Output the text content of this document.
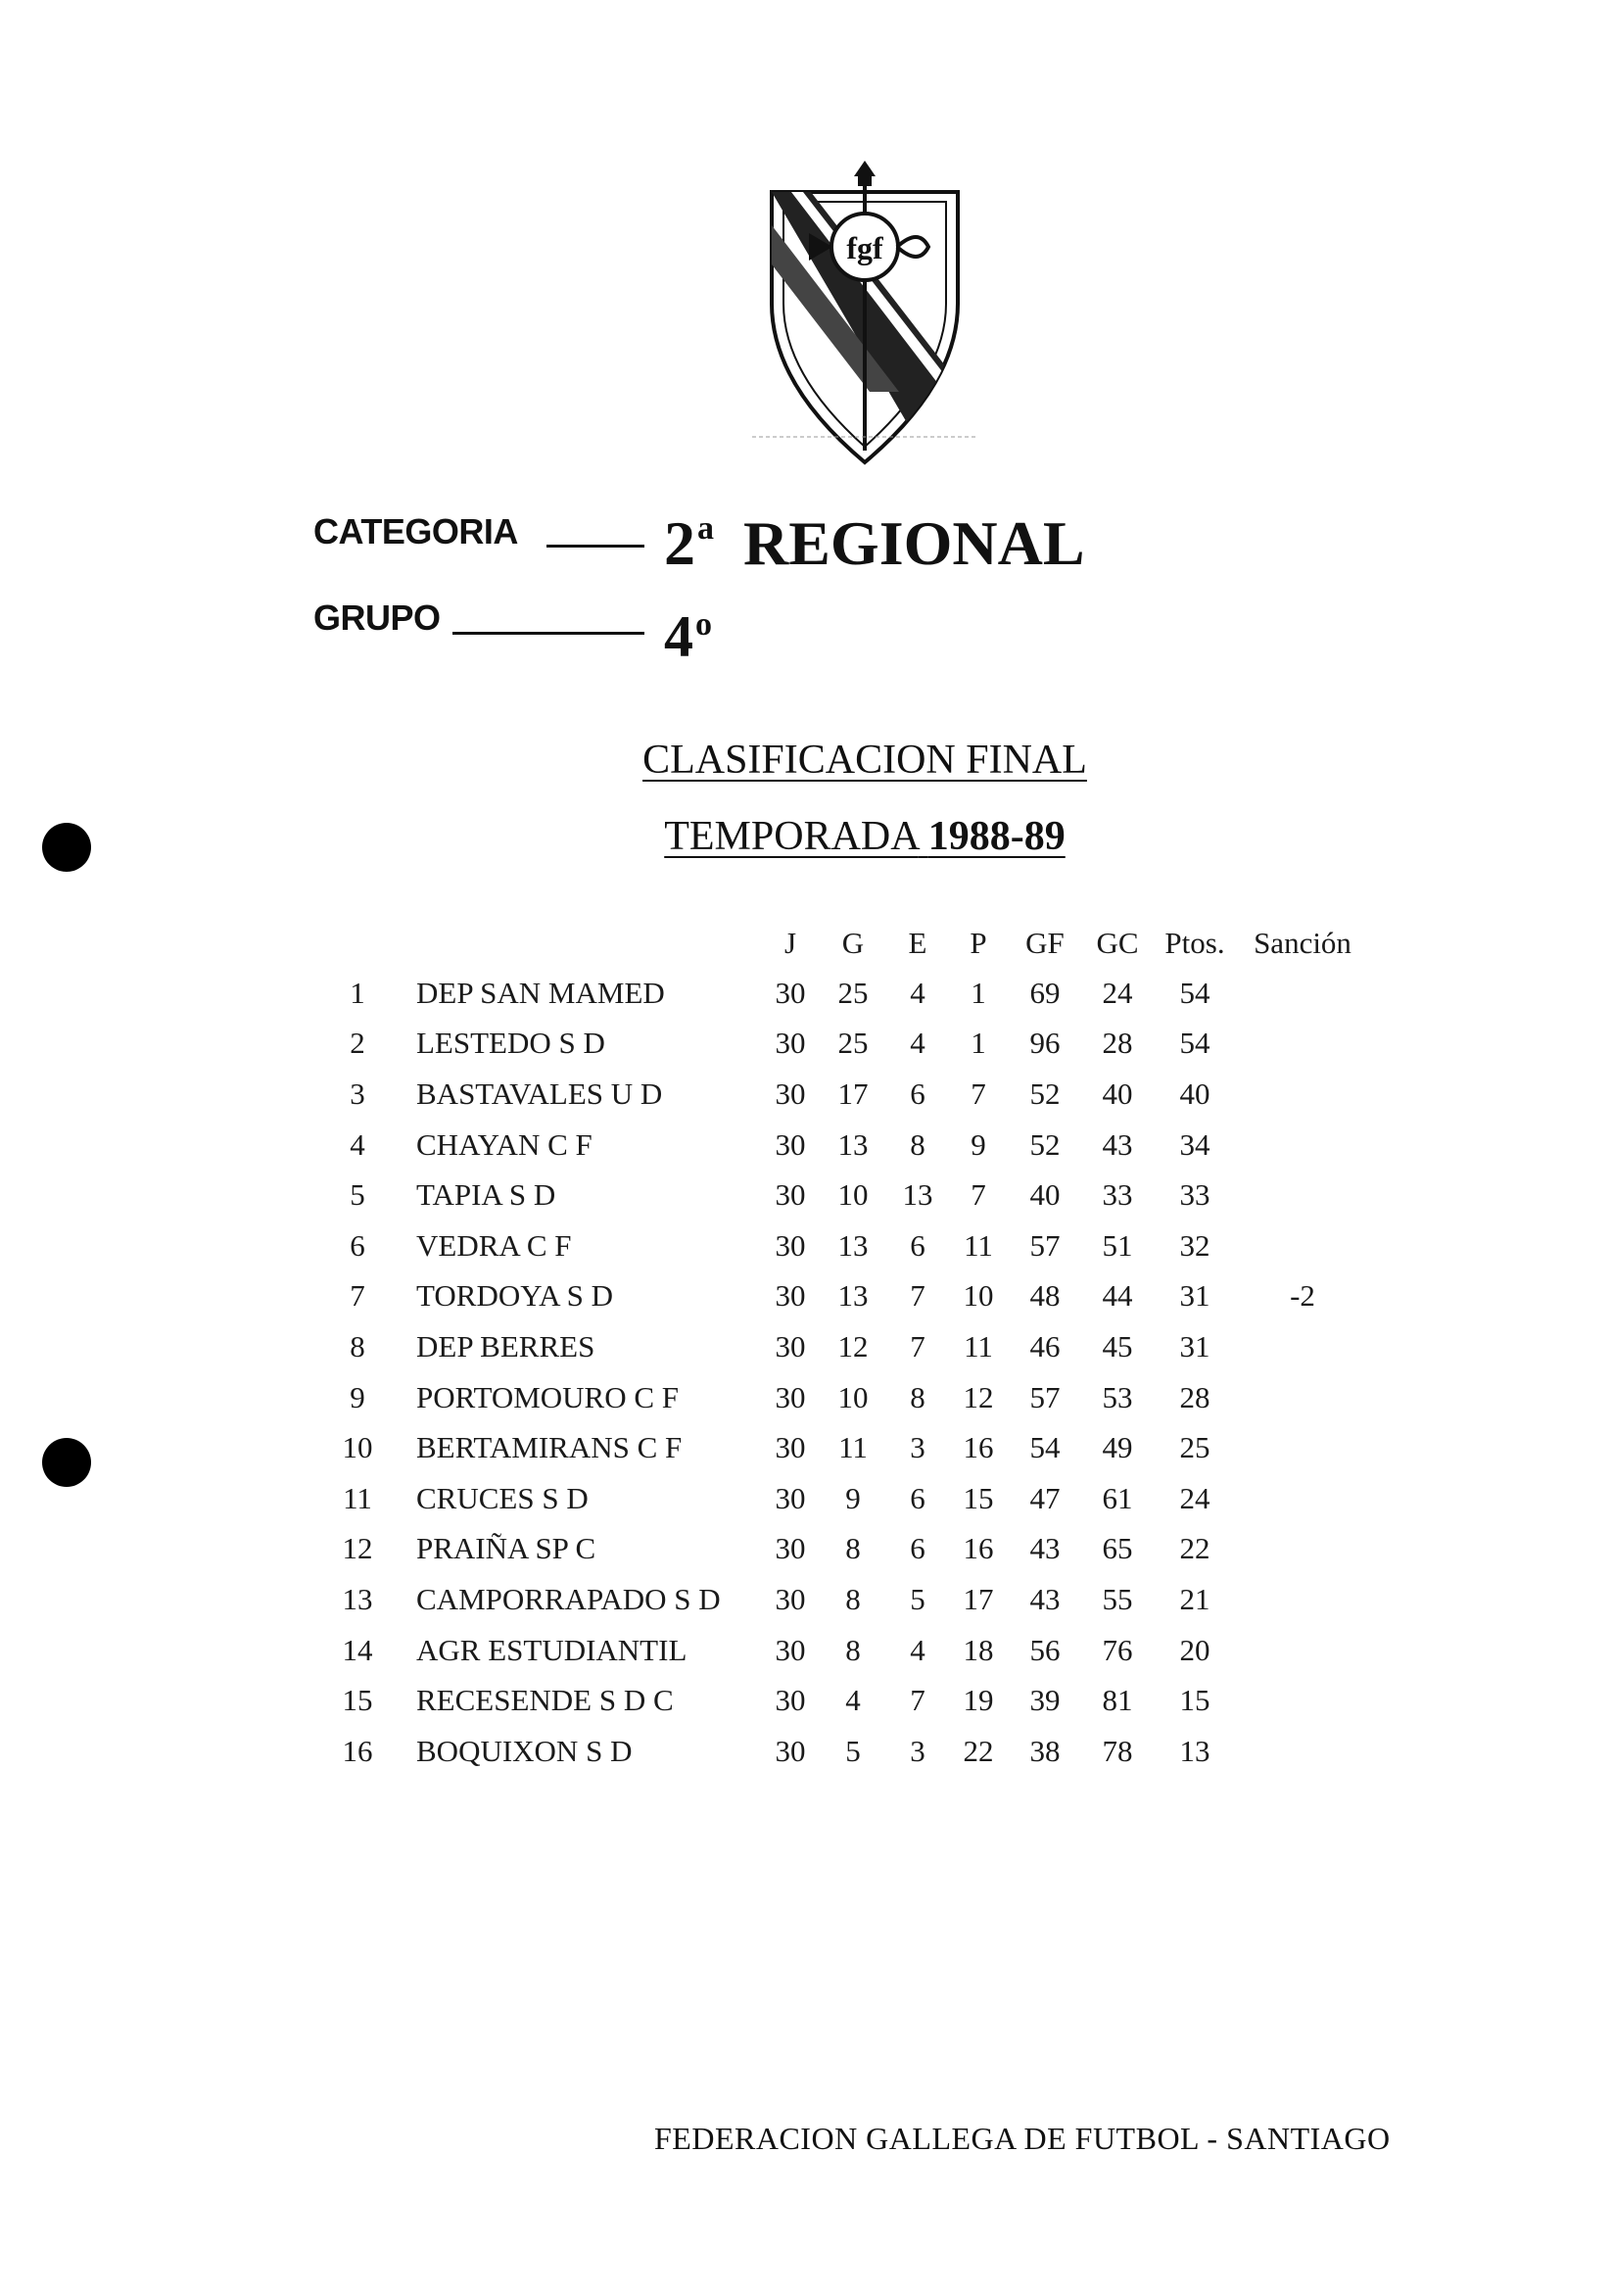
fgf
CATEGORIA 2$^a$ REGIONAL
GRUPO	4$^o$
CLASIFICACION FINAL
TEMPORADA 1988-89
		J	G	E	P	GF	GC	Ptos.	Sanción
1	DEP SAN MAMED	30	25	4	1	69	24	54	
2	LESTEDO S D	30	25	4	1	96	28	54	
3	BASTAVALES U D	30	17	6	7	52	40	40	
4	CHAYAN C F	30	13	8	9	52	43	34	
5	TAPIA S D	30	10	13	7	40	33	33	
6	VEDRA C F	30	13	6	11	57	51	32	
7	TORDOYA S D	30	13	7	10	48	44	31	-2
8	DEP BERRES	30	12	7	11	46	45	31	
9	PORTOMOURO C F	30	10	8	12	57	53	28	
10	BERTAMIRANS C F	30	11	3	16	54	49	25	
11	CRUCES S D	30	9	6	15	47	61	24	
12	PRAIÑA SP C	30	8	6	16	43	65	22	
13	CAMPORRAPADO S D	30	8	5	17	43	55	21	
14	AGR ESTUDIANTIL	30	8	4	18	56	76	20	
15	RECESENDE S D C	30	4	7	19	39	81	15	
16	BOQUIXON S D	30	5	3	22	38	78	13	
FEDERACION GALLEGA DE FUTBOL - SANTIAGO
